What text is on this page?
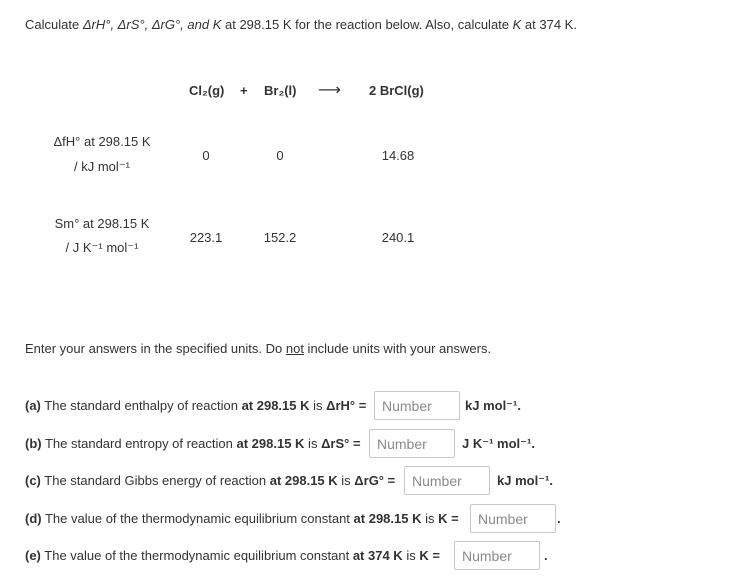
Calculate ΔrH°, ΔrS°, ΔrG°, and K at 298.15 K for the reaction below. Also, calculate K at 374 K.
Cl₂(g) + Br₂(l) ⟶ 2 BrCl(g)
ΔfH° at 298.15 K
/ kJ mol⁻¹
0	0	14.68
Sm° at 298.15 K
/ J K⁻¹ mol⁻¹
223.1	152.2	240.1
Enter your answers in the specified units. Do not include units with your answers.
(a) The standard enthalpy of reaction at 298.15 K is ΔrH° =
Number	kJ mol⁻¹.
(b) The standard entropy of reaction at 298.15 K is ΔrS° =
Number	J K⁻¹ mol⁻¹.
(c) The standard Gibbs energy of reaction at 298.15 K is ΔrG° =
Number	kJ mol⁻¹.
(d) The value of the thermodynamic equilibrium constant at 298.15 K is K =
Number	.
(e) The value of the thermodynamic equilibrium constant at 374 K is K =
Number	.
